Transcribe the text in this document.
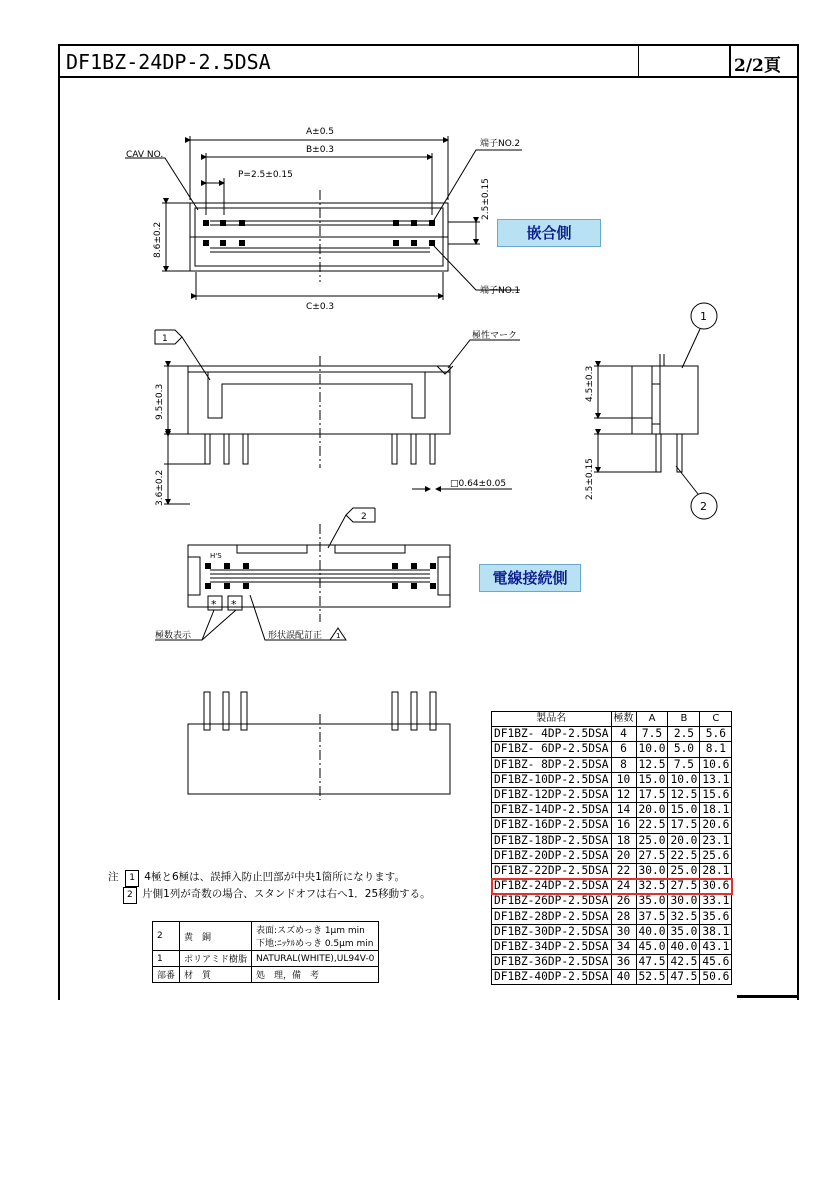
DF1BZ-24DP-2.5DSA	2/2頁
A±0.5
B±0.3
P=2.5±0.15
C±0.3
CAV NO.
端子NO.2
端子NO.1
8.6±0.2
2.5±0.15
1	極性マーク
9.5±0.3
3.6±0.2	□0.64±0.05
1
2
4.5±0.3
2.5±0.15
2
H'S
* *
極数表示	形状誤配訂正 1
嵌合側
電線接続側
注 1 4極と6極は、誤挿入防止凹部が中央1箇所になります。
2 片側1列が奇数の場合、スタンドオフは右へ1．25移動する。
2	黄　銅	表面:スズめっき 1μm min
下地:ﾆｯｹﾙめっき 0.5μm min
1	ポリアミド樹脂	NATURAL(WHITE),UL94V-0
部番	材　質	処　理，備　考
製品名	極数	A	B	C
DF1BZ- 4DP-2.5DSA	4	7.5	2.5	5.6
DF1BZ- 6DP-2.5DSA	6	10.0	5.0	8.1
DF1BZ- 8DP-2.5DSA	8	12.5	7.5	10.6
DF1BZ-10DP-2.5DSA	10	15.0	10.0	13.1
DF1BZ-12DP-2.5DSA	12	17.5	12.5	15.6
DF1BZ-14DP-2.5DSA	14	20.0	15.0	18.1
DF1BZ-16DP-2.5DSA	16	22.5	17.5	20.6
DF1BZ-18DP-2.5DSA	18	25.0	20.0	23.1
DF1BZ-20DP-2.5DSA	20	27.5	22.5	25.6
DF1BZ-22DP-2.5DSA	22	30.0	25.0	28.1
DF1BZ-24DP-2.5DSA	24	32.5	27.5	30.6
DF1BZ-26DP-2.5DSA	26	35.0	30.0	33.1
DF1BZ-28DP-2.5DSA	28	37.5	32.5	35.6
DF1BZ-30DP-2.5DSA	30	40.0	35.0	38.1
DF1BZ-34DP-2.5DSA	34	45.0	40.0	43.1
DF1BZ-36DP-2.5DSA	36	47.5	42.5	45.6
DF1BZ-40DP-2.5DSA	40	52.5	47.5	50.6
